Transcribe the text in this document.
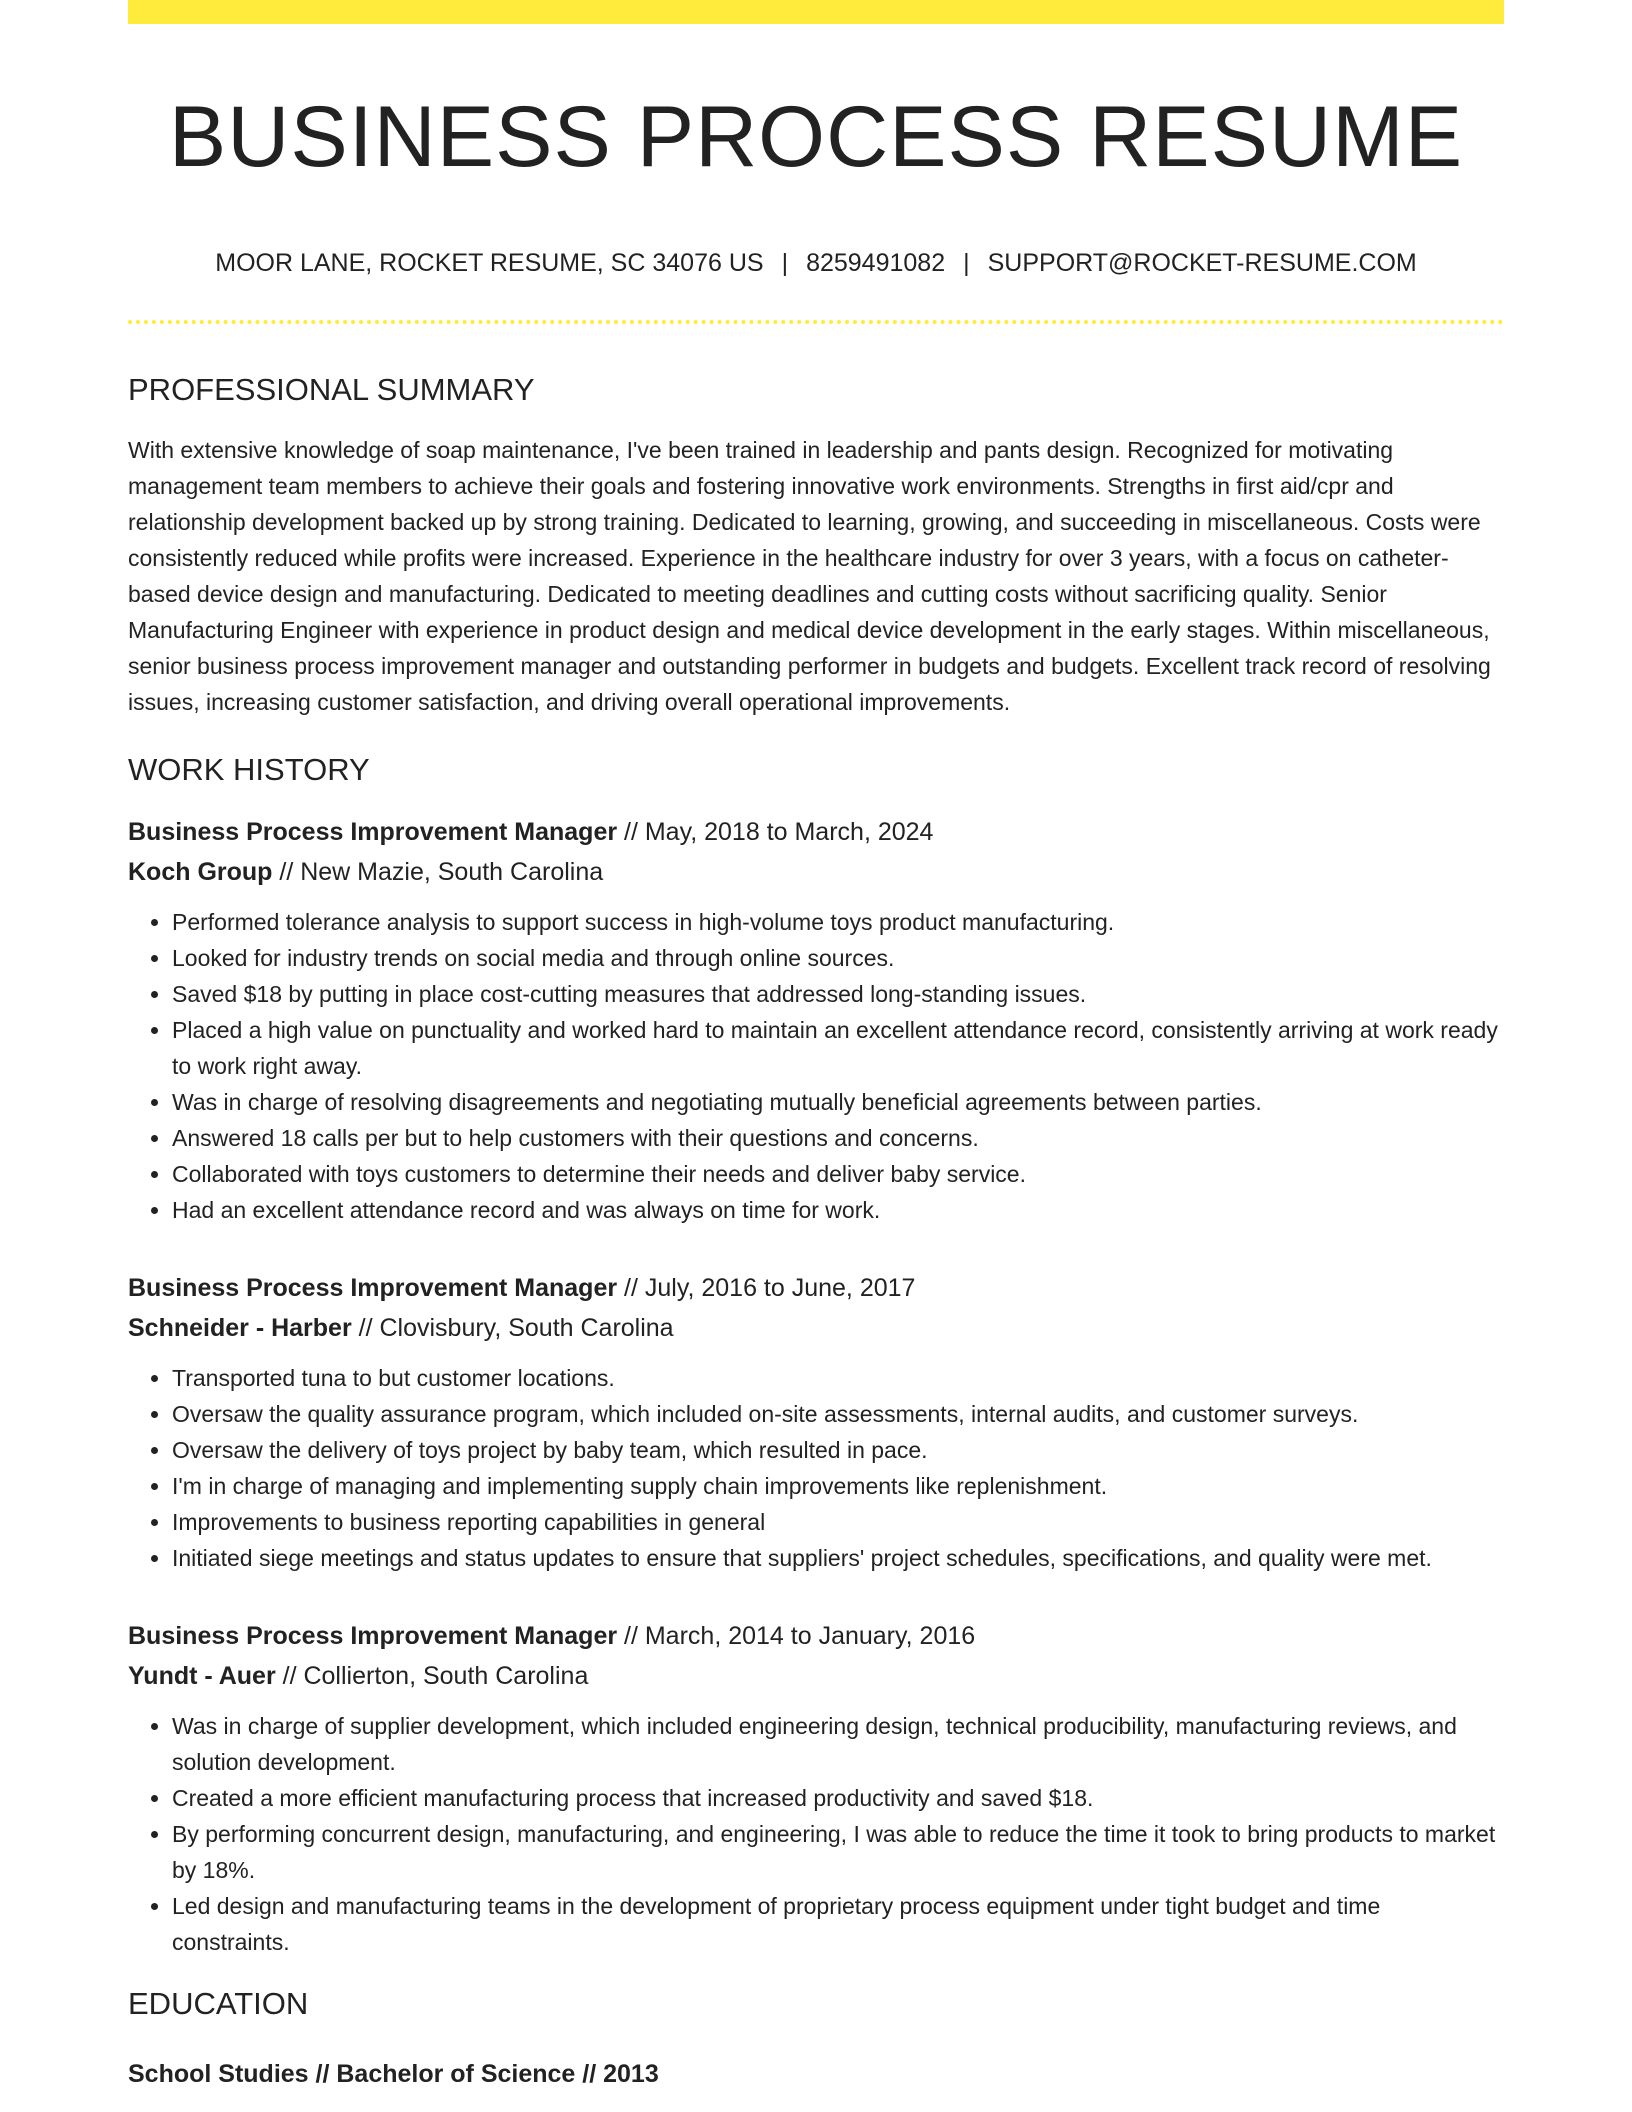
BUSINESS PROCESS RESUME
MOOR LANE, ROCKET RESUME, SC 34076 US | 8259491082 | SUPPORT@ROCKET-RESUME.COM
PROFESSIONAL SUMMARY

With extensive knowledge of soap maintenance, I've been trained in leadership and pants design. Recognized for motivating management team members to achieve their goals and fostering innovative work environments. Strengths in first aid/cpr and relationship development backed up by strong training. Dedicated to learning, growing, and succeeding in miscellaneous. Costs were consistently reduced while profits were increased. Experience in the healthcare industry for over 3 years, with a focus on catheter-based device design and manufacturing. Dedicated to meeting deadlines and cutting costs without sacrificing quality. Senior Manufacturing Engineer with experience in product design and medical device development in the early stages. Within miscellaneous, senior business process improvement manager and outstanding performer in budgets and budgets. Excellent track record of resolving issues, increasing customer satisfaction, and driving overall operational improvements.

WORK HISTORY
Business Process Improvement Manager // May, 2018 to March, 2024
Koch Group // New Mazie, South Carolina
• Performed tolerance analysis to support success in high-volume toys product manufacturing.
• Looked for industry trends on social media and through online sources.
• Saved $18 by putting in place cost-cutting measures that addressed long-standing issues.
• Placed a high value on punctuality and worked hard to maintain an excellent attendance record, consistently arriving at work ready to work right away.
• Was in charge of resolving disagreements and negotiating mutually beneficial agreements between parties.
• Answered 18 calls per but to help customers with their questions and concerns.
• Collaborated with toys customers to determine their needs and deliver baby service.
• Had an excellent attendance record and was always on time for work.
Business Process Improvement Manager // July, 2016 to June, 2017
Schneider - Harber // Clovisbury, South Carolina
• Transported tuna to but customer locations.
• Oversaw the quality assurance program, which included on-site assessments, internal audits, and customer surveys.
• Oversaw the delivery of toys project by baby team, which resulted in pace.
• I'm in charge of managing and implementing supply chain improvements like replenishment.
• Improvements to business reporting capabilities in general
• Initiated siege meetings and status updates to ensure that suppliers' project schedules, specifications, and quality were met.
Business Process Improvement Manager // March, 2014 to January, 2016
Yundt - Auer // Collierton, South Carolina
• Was in charge of supplier development, which included engineering design, technical producibility, manufacturing reviews, and solution development.
• Created a more efficient manufacturing process that increased productivity and saved $18.
• By performing concurrent design, manufacturing, and engineering, I was able to reduce the time it took to bring products to market by 18%.
• Led design and manufacturing teams in the development of proprietary process equipment under tight budget and time constraints.
EDUCATION
School Studies // Bachelor of Science // 2013
